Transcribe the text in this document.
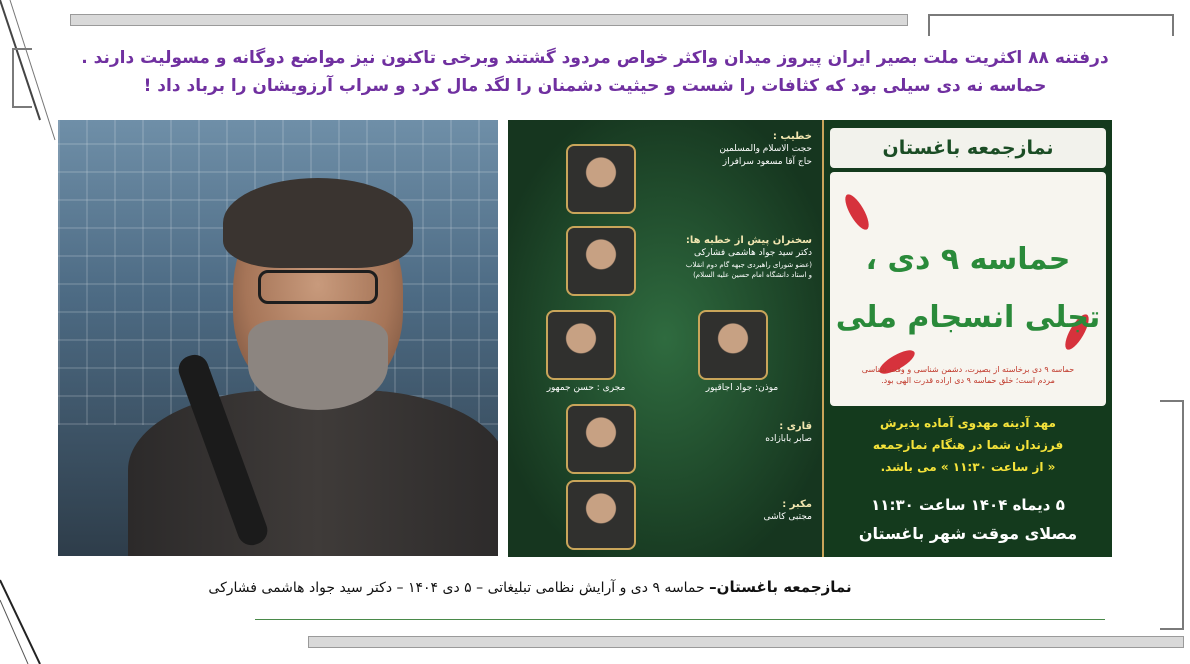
درفتنه ۸۸ اکثریت ملت بصیر ایران پیروز میدان واکثر خواص مردود گشتند وبرخی تاکنون نیز مواضع دوگانه و مسولیت دارند .
حماسه نه دی سیلی بود که کثافات را شست و حیثیت دشمنان را لگد مال کرد و سراب آرزویشان را برباد داد !
خطیب :
حجت الاسلام والمسلمین
حاج آقا مسعود سرافراز
سخنران پیش از خطبه ها:
دکتر سید جواد هاشمی فشارکی
(عضو شورای راهبردی جبهه گام دوم انقلاب
و استاد دانشگاه امام حسین علیه السلام)
مجری : حسن جمهور	موذن: جواد اجاقپور
قاری :
صابر بابازاده
مکبر :
مجتبی کاشی
نمازجمعه باغستان
حماسه ۹ دی ،
تجلی انسجام ملی
حماسه ۹ دی برخاسته از بصیرت، دشمن شناسی و وقت شناسی مردم است؛ خلق حماسه ۹ دی اراده قدرت الهی بود.
مهد آدینه مهدوی آماده پذیرش
فرزندان شما در هنگام نمازجمعه
« از ساعت ۱۱:۳۰ » می باشد.
۵ دیماه ۱۴۰۴ ساعت ۱۱:۳۰
مصلای موقت شهر باغستان
نمازجمعه باغستان– حماسه ۹ دی و آرایش نظامی تبلیغاتی – ۵ دی ۱۴۰۴ – دکتر سید جواد هاشمی فشارکی
